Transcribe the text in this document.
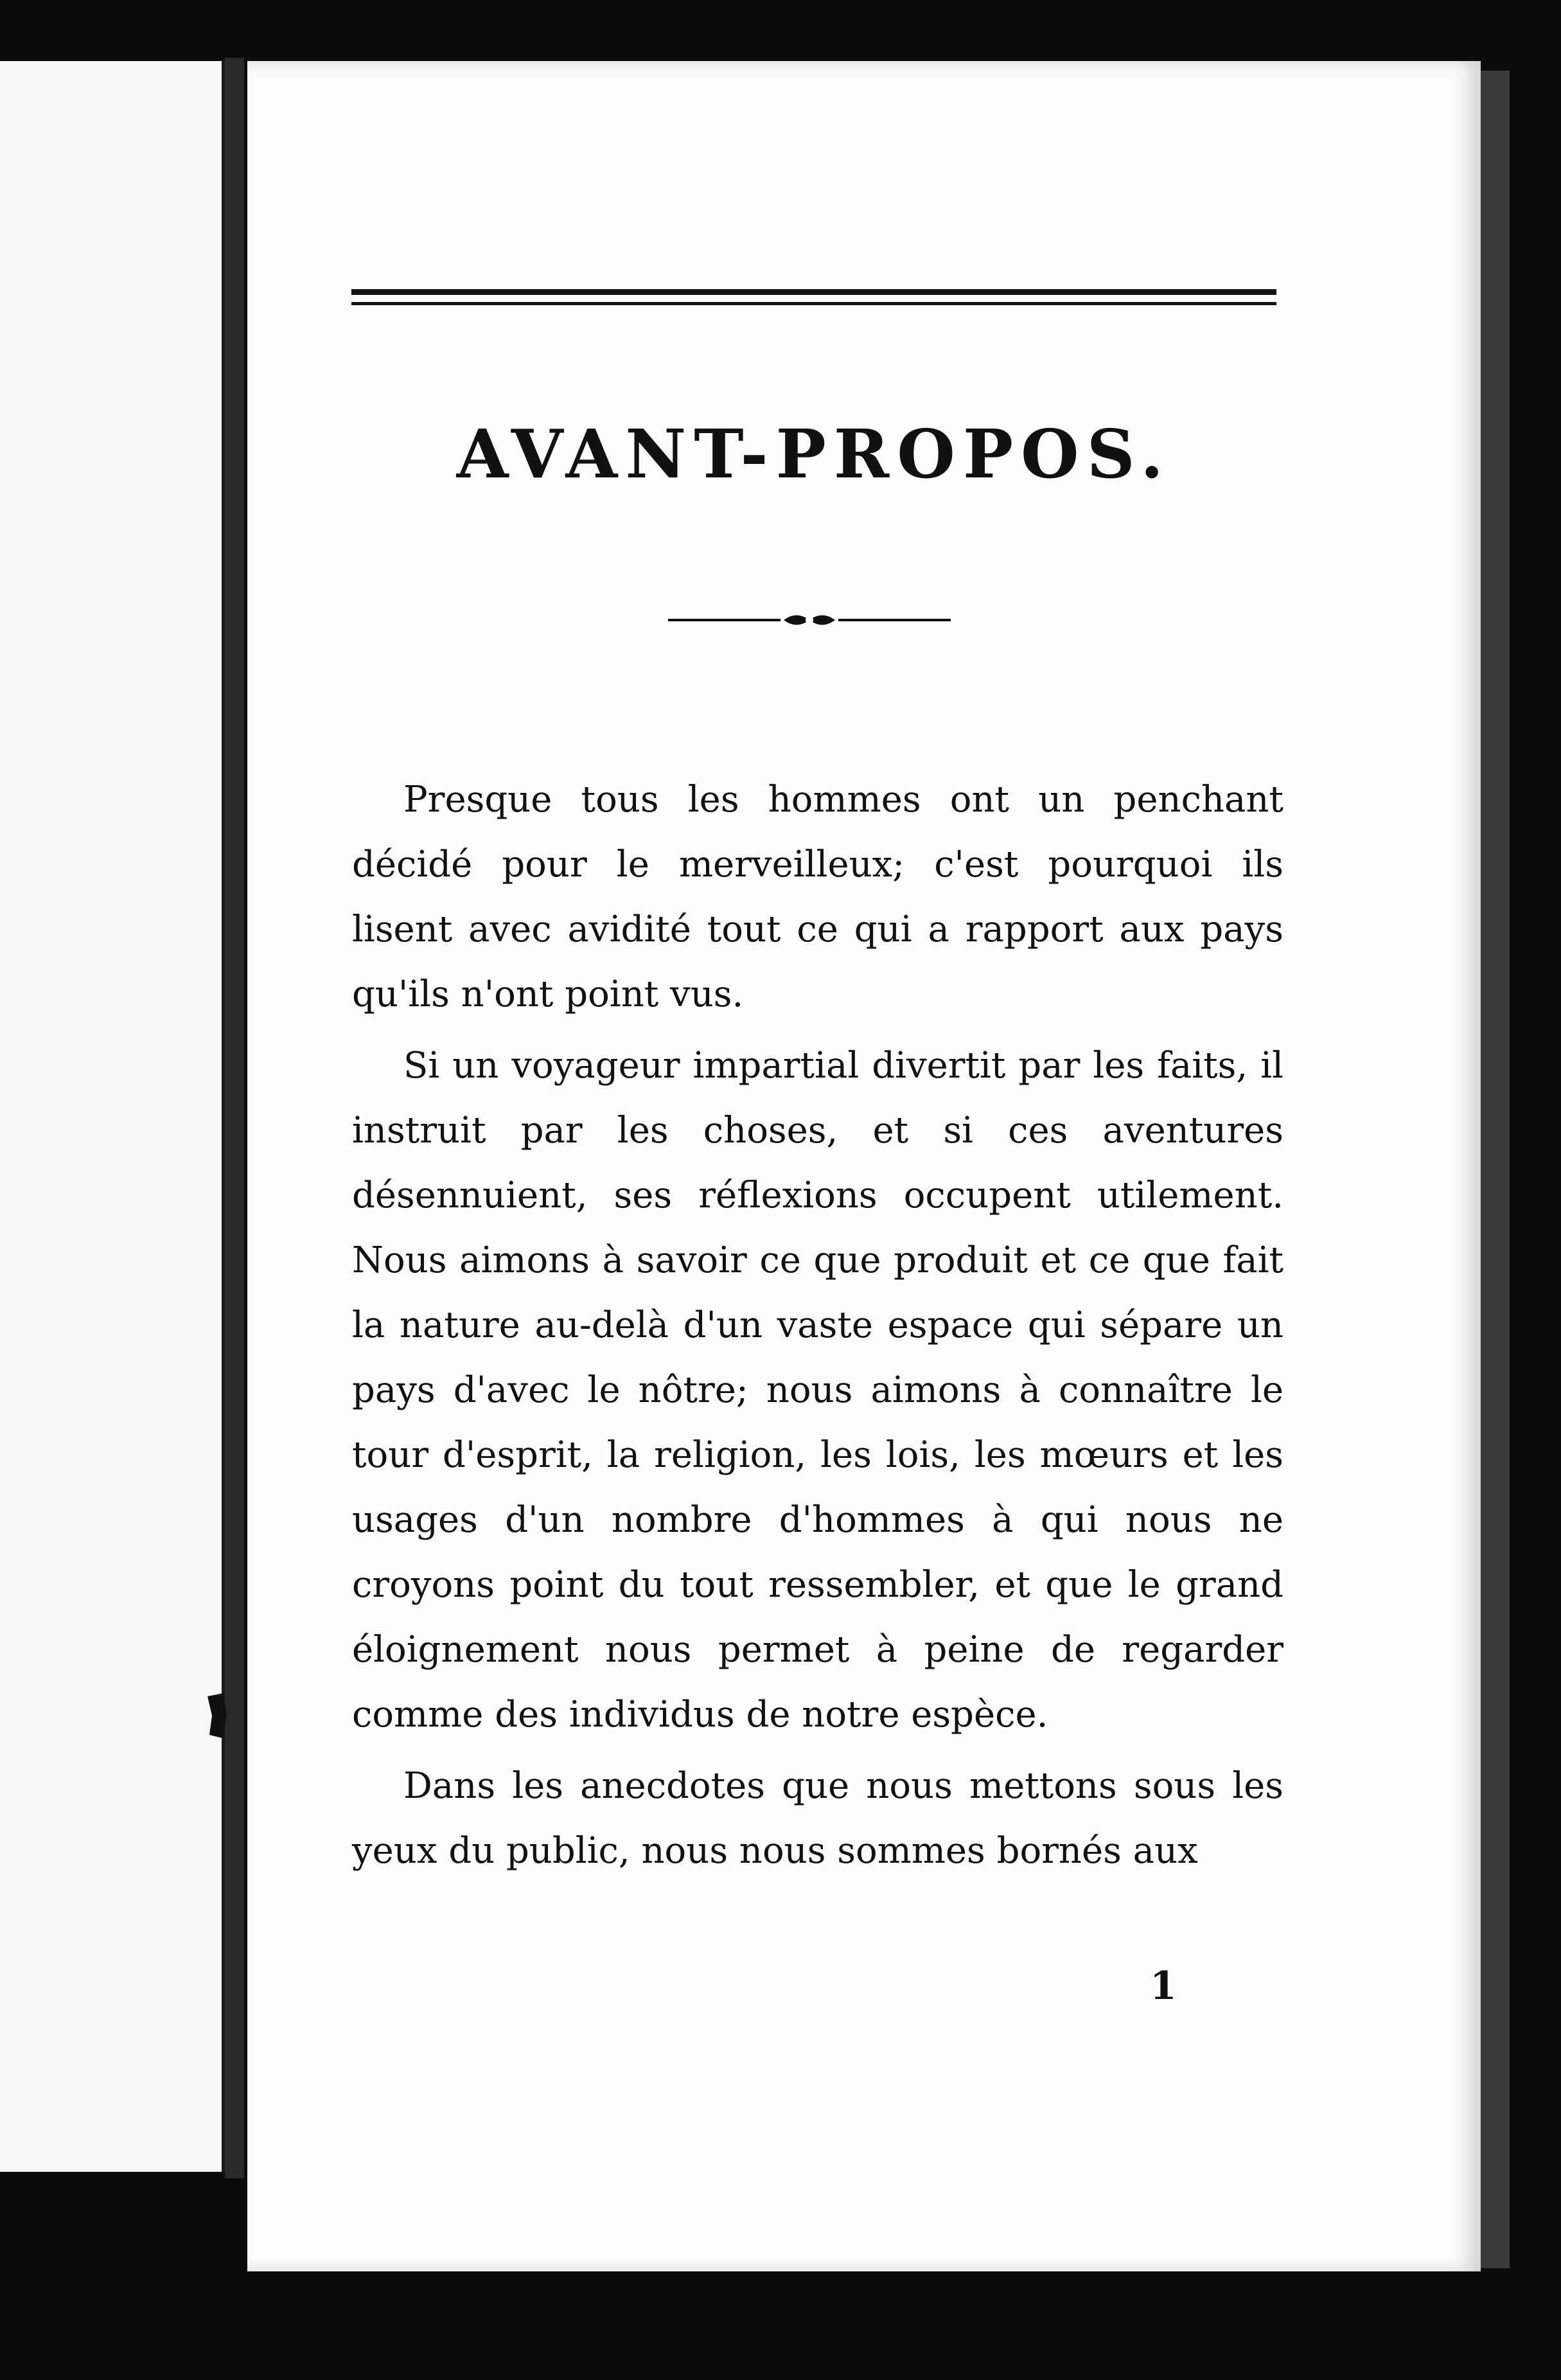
AVANT-PROPOS.

Presque tous les hommes ont un penchant décidé pour le merveilleux; c'est pourquoi ils lisent avec avidité tout ce qui a rapport aux pays qu'ils n'ont point vus.

Si un voyageur impartial divertit par les faits, il instruit par les choses, et si ces aventures désennuient, ses réflexions occupent utilement. Nous aimons à savoir ce que produit et ce que fait la nature au-delà d'un vaste espace qui sépare un pays d'avec le nôtre; nous aimons à connaître le tour d'esprit, la religion, les lois, les mœurs et les usages d'un nombre d'hommes à qui nous ne croyons point du tout ressembler, et que le grand éloignement nous permet à peine de regarder comme des individus de notre espèce.

Dans les anecdotes que nous mettons sous les yeux du public, nous nous sommes bornés aux

1
